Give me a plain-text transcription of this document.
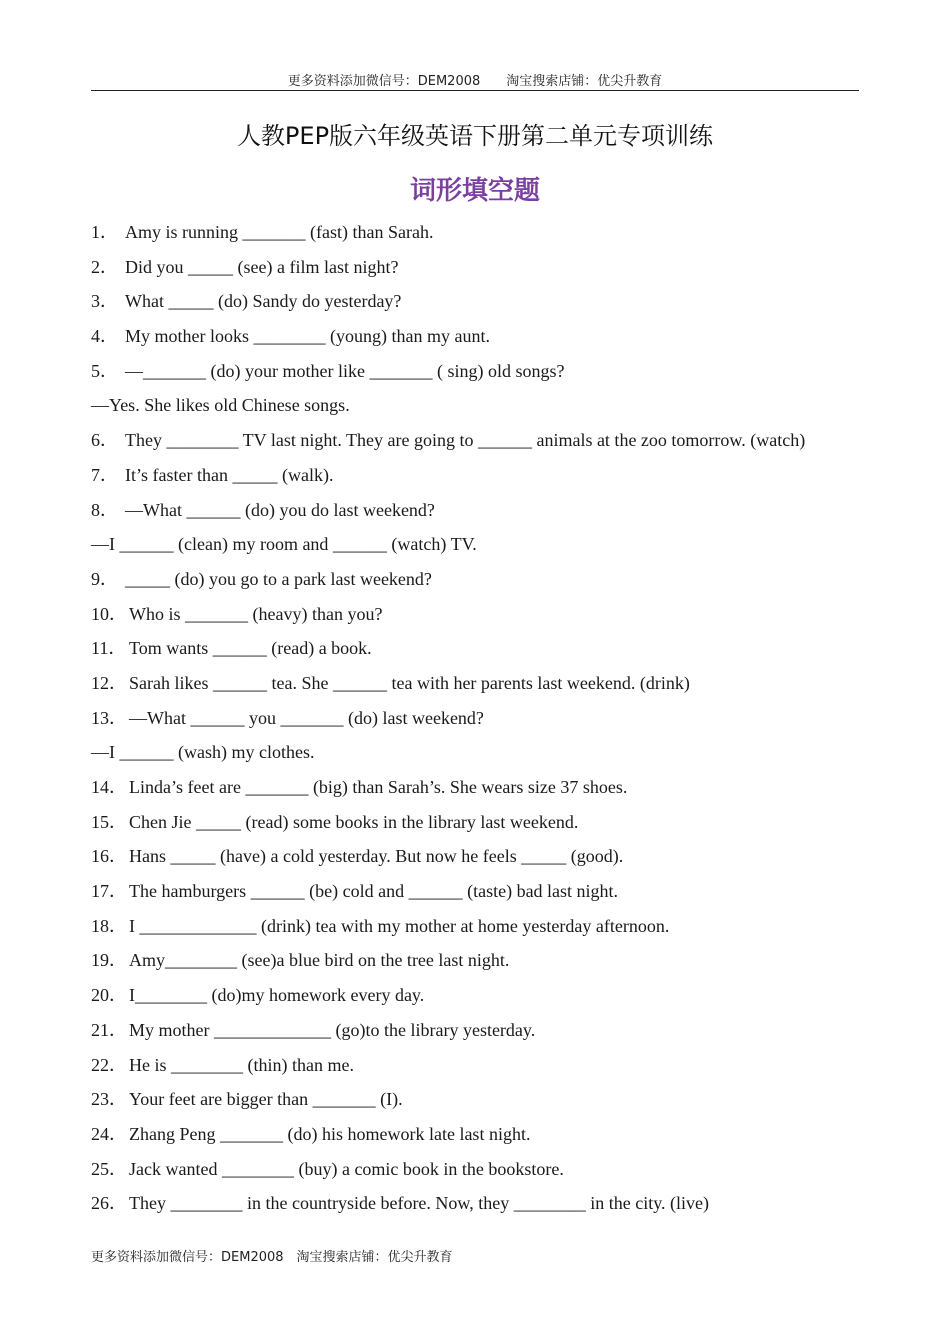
更多资料添加微信号：DEM2008　　淘宝搜索店铺：优尖升教育
人教PEP版六年级英语下册第二单元专项训练
词形填空题
1． Amy is running _______ (fast) than Sarah.
2． Did you _____ (see) a film last night?
3． What _____ (do) Sandy do yesterday?
4． My mother looks ________ (young) than my aunt.
5． —_______ (do) your mother like _______ ( sing) old songs?
—Yes. She likes old Chinese songs.
6． They ________ TV last night. They are going to ______ animals at the zoo tomorrow. (watch)
7． It’s faster than _____ (walk).
8． —What ______ (do) you do last weekend?
—I ______ (clean) my room and ______ (watch) TV.
9． _____ (do) you go to a park last weekend?
10． Who is _______ (heavy) than you?
11． Tom wants ______ (read) a book.
12． Sarah likes ______ tea. She ______ tea with her parents last weekend. (drink)
13． —What ______ you _______ (do) last weekend?
—I ______ (wash) my clothes.
14． Linda’s feet are _______ (big) than Sarah’s. She wears size 37 shoes.
15． Chen Jie _____ (read) some books in the library last weekend.
16． Hans _____ (have) a cold yesterday. But now he feels _____ (good).
17． The hamburgers ______ (be) cold and ______ (taste) bad last night.
18． I _____________ (drink) tea with my mother at home yesterday afternoon.
19． Amy________ (see)a blue bird on the tree last night.
20． I________ (do)my homework every day.
21． My mother _____________ (go)to the library yesterday.
22． He is ________ (thin) than me.
23． Your feet are bigger than _______ (I).
24． Zhang Peng _______ (do) his homework late last night.
25． Jack wanted ________ (buy) a comic book in the bookstore.
26． They ________ in the countryside before. Now, they ________ in the city. (live)
更多资料添加微信号：DEM2008　淘宝搜索店铺：优尖升教育
